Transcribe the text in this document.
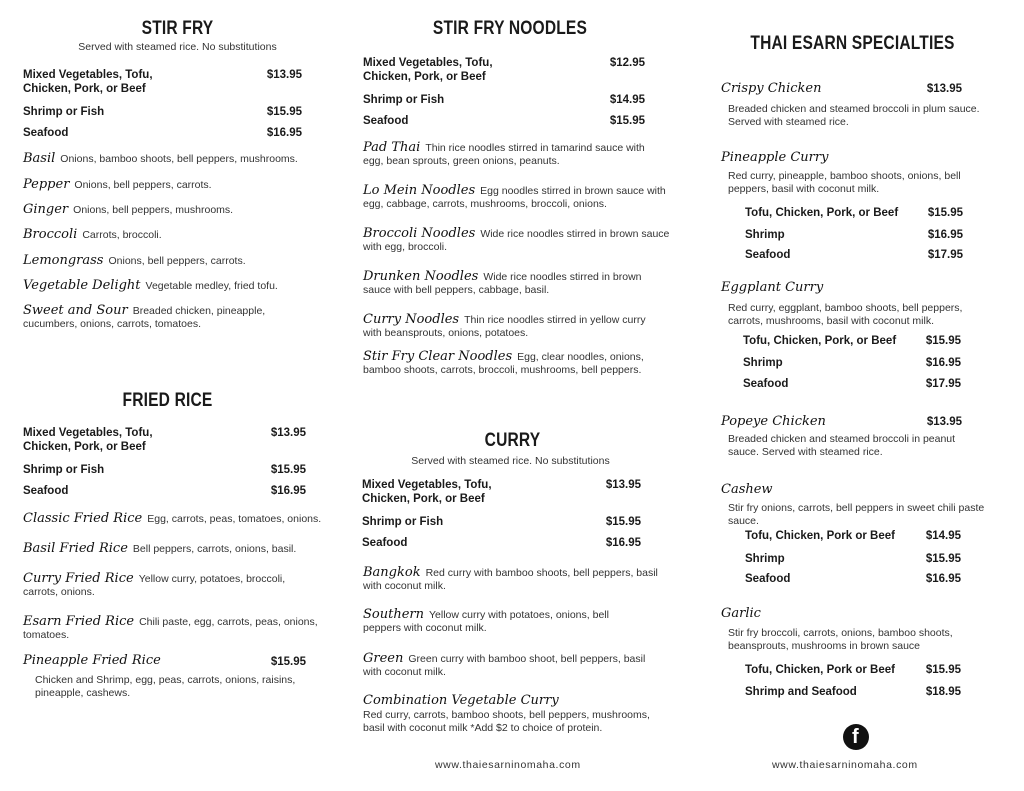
STIR FRY
Served with steamed rice. No substitutions
Mixed Vegetables, Tofu,
Chicken, Pork, or Beef
$13.95
Shrimp or Fish	$15.95
Seafood	$16.95
Basil Onions, bamboo shoots, bell peppers, mushrooms.
Pepper Onions, bell peppers, carrots.
Ginger Onions, bell peppers, mushrooms.
Broccoli Carrots, broccoli.
Lemongrass Onions, bell peppers, carrots.
Vegetable Delight Vegetable medley, fried tofu.
Sweet and Sour Breaded chicken, pineapple, cucumbers, onions, carrots, tomatoes.
FRIED RICE
Mixed Vegetables, Tofu,
Chicken, Pork, or Beef
$13.95
Shrimp or Fish	$15.95
Seafood	$16.95
Classic Fried Rice Egg, carrots, peas, tomatoes, onions.
Basil Fried Rice Bell peppers, carrots, onions, basil.
Curry Fried Rice Yellow curry, potatoes, broccoli, carrots, onions.
Esarn Fried Rice Chili paste, egg, carrots, peas, onions, tomatoes.
Pineapple Fried Rice	$15.95
Chicken and Shrimp, egg, peas, carrots, onions, raisins, pineapple, cashews.
STIR FRY NOODLES
Mixed Vegetables, Tofu,
Chicken, Pork, or Beef
$12.95
Shrimp or Fish	$14.95
Seafood	$15.95
Pad Thai Thin rice noodles stirred in tamarind sauce with egg, bean sprouts, green onions, peanuts.
Lo Mein Noodles Egg noodles stirred in brown sauce with egg, cabbage, carrots, mushrooms, broccoli, onions.
Broccoli Noodles Wide rice noodles stirred in brown sauce with egg, broccoli.
Drunken Noodles Wide rice noodles stirred in brown sauce with bell peppers, cabbage, basil.
Curry Noodles Thin rice noodles stirred in yellow curry with beansprouts, onions, potatoes.
Stir Fry Clear Noodles Egg, clear noodles, onions, bamboo shoots, carrots, broccoli, mushrooms, bell peppers.
CURRY
Served with steamed rice. No substitutions
Mixed Vegetables, Tofu,
Chicken, Pork, or Beef
$13.95
Shrimp or Fish	$15.95
Seafood	$16.95
Bangkok Red curry with bamboo shoots, bell peppers, basil with coconut milk.
Southern Yellow curry with potatoes, onions, bell peppers with coconut milk.
Green Green curry with bamboo shoot, bell peppers, basil with coconut milk.
Combination Vegetable Curry
Red curry, carrots, bamboo shoots, bell peppers, mushrooms, basil with coconut milk *Add $2 to choice of protein.
www.thaiesarninomaha.com
THAI ESARN SPECIALTIES
Crispy Chicken	$13.95
Breaded chicken and steamed broccoli in plum sauce. Served with steamed rice.
Pineapple Curry
Red curry, pineapple, bamboo shoots, onions, bell peppers, basil with coconut milk.
Tofu, Chicken, Pork, or Beef	$15.95
Shrimp	$16.95
Seafood	$17.95
Eggplant Curry
Red curry, eggplant, bamboo shoots, bell peppers, carrots, mushrooms, basil with coconut milk.
Tofu, Chicken, Pork, or Beef	$15.95
Shrimp	$16.95
Seafood	$17.95
Popeye Chicken	$13.95
Breaded chicken and steamed broccoli in peanut sauce. Served with steamed rice.
Cashew
Stir fry onions, carrots, bell peppers in sweet chili paste sauce.
Tofu, Chicken, Pork or Beef	$14.95
Shrimp	$15.95
Seafood	$16.95
Garlic
Stir fry broccoli, carrots, onions, bamboo shoots, beansprouts, mushrooms in brown sauce
Tofu, Chicken, Pork or Beef	$15.95
Shrimp and Seafood	$18.95
f
www.thaiesarninomaha.com
